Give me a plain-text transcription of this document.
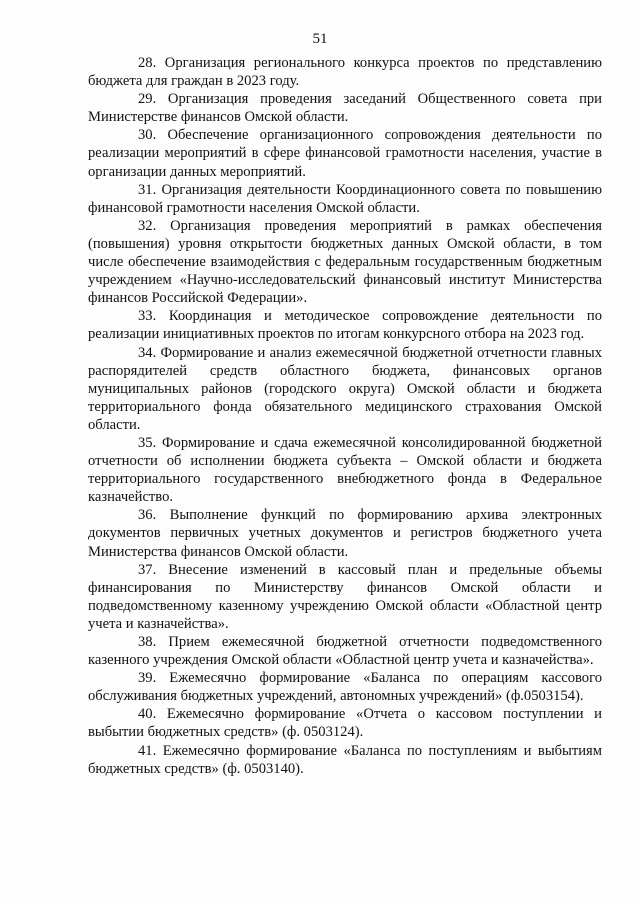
51

28. Организация регионального конкурса проектов по представлению бюджета для граждан в 2023 году.

29. Организация проведения заседаний Общественного совета при Министерстве финансов Омской области.

30. Обеспечение организационного сопровождения деятельности по реализации мероприятий в сфере финансовой грамотности населения, участие в организации данных мероприятий.

31. Организация деятельности Координационного совета по повышению финансовой грамотности населения Омской области.

32. Организация проведения мероприятий в рамках обеспечения (повышения) уровня открытости бюджетных данных Омской области, в том числе обеспечение взаимодействия с федеральным государственным бюджетным учреждением «Научно-исследовательский финансовый институт Министерства финансов Российской Федерации».

33. Координация и методическое сопровождение деятельности по реализации инициативных проектов по итогам конкурсного отбора на 2023 год.

34. Формирование и анализ ежемесячной бюджетной отчетности главных распорядителей средств областного бюджета, финансовых органов муниципальных районов (городского округа) Омской области и бюджета территориального фонда обязательного медицинского страхования Омской области.

35. Формирование и сдача ежемесячной консолидированной бюджетной отчетности об исполнении бюджета субъекта – Омской области и бюджета территориального государственного внебюджетного фонда в Федеральное казначейство.

36. Выполнение функций по формированию архива электронных документов первичных учетных документов и регистров бюджетного учета Министерства финансов Омской области.

37. Внесение изменений в кассовый план и предельные объемы финансирования по Министерству финансов Омской области и подведомственному казенному учреждению Омской области «Областной центр учета и казначейства».

38. Прием ежемесячной бюджетной отчетности подведомственного казенного учреждения Омской области «Областной центр учета и казначейства».

39. Ежемесячно формирование «Баланса по операциям кассового обслуживания бюджетных учреждений, автономных учреждений» (ф.0503154).

40. Ежемесячно формирование «Отчета о кассовом поступлении и выбытии бюджетных средств» (ф. 0503124).

41. Ежемесячно формирование «Баланса по поступлениям и выбытиям бюджетных средств» (ф. 0503140).
